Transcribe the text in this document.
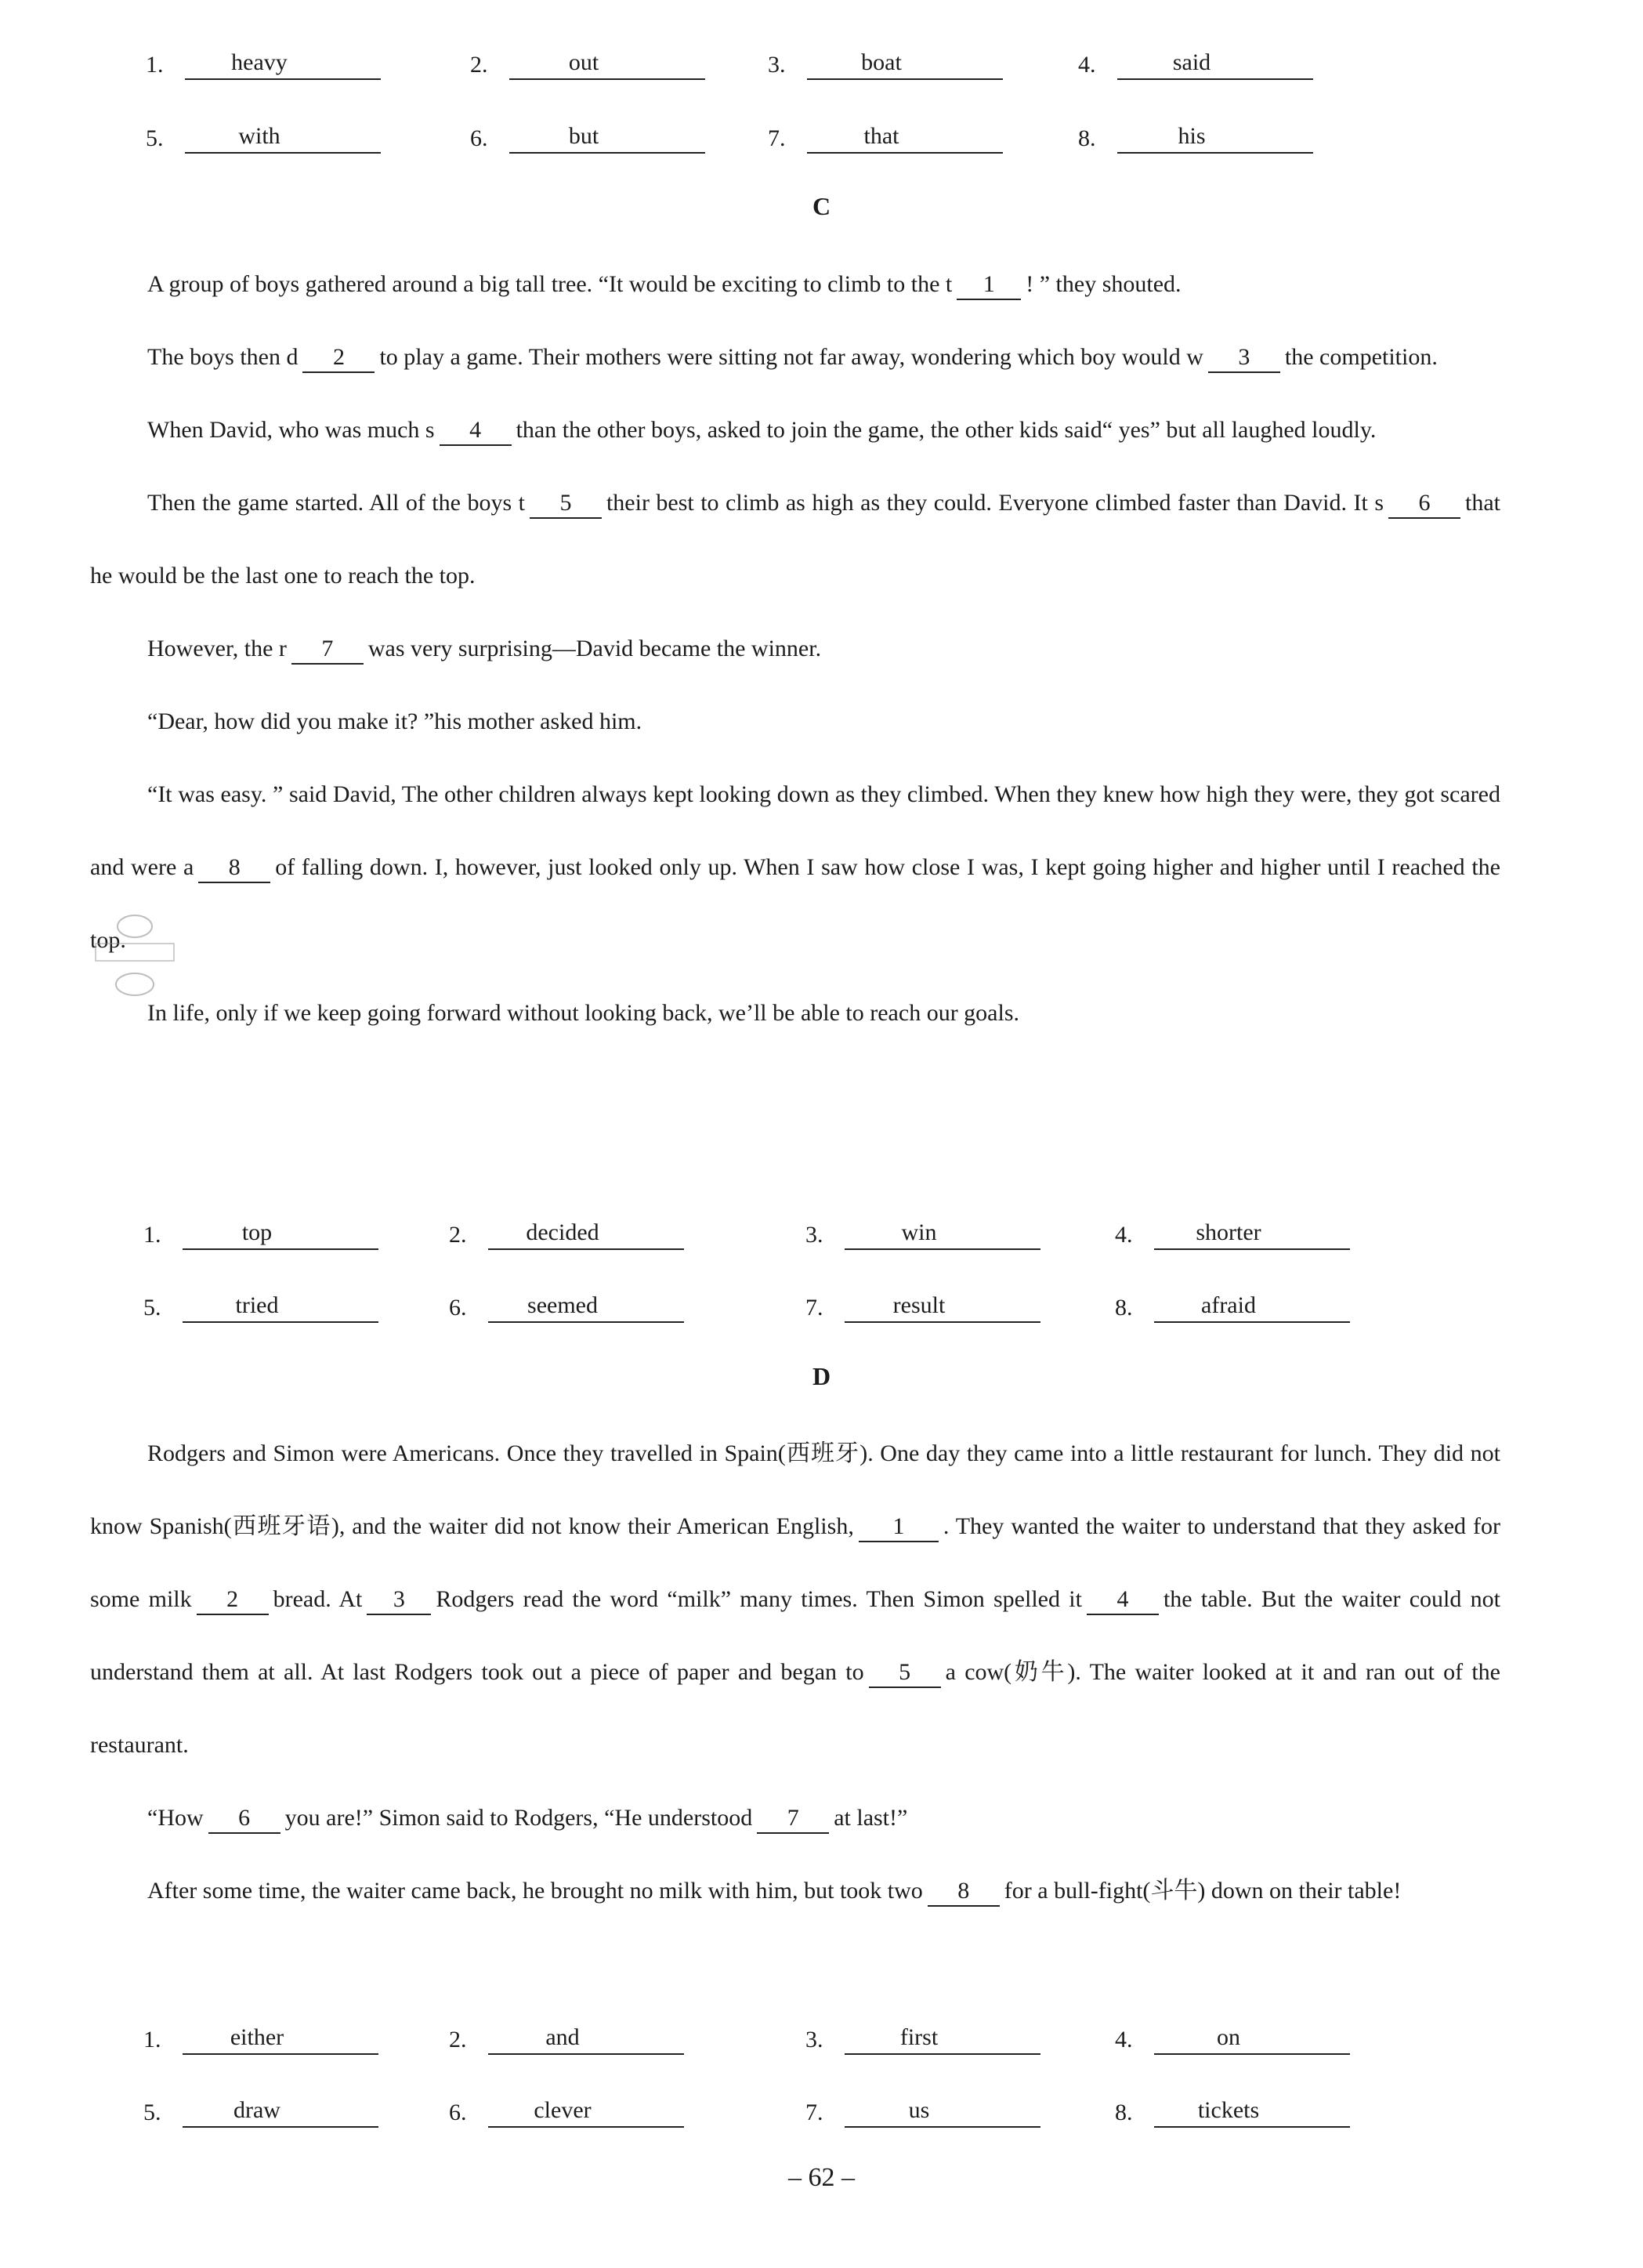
1.	heavy	2.	out	3.	boat	4.	said
5.	with	6.	but	7.	that	8.	his
C

A group of boys gathered around a big tall tree. “It would be exciting to climb to the t 1 ! ” they shouted.

The boys then d 2 to play a game. Their mothers were sitting not far away, wondering which boy would w 3 the competition.

When David, who was much s 4 than the other boys, asked to join the game, the other kids said“ yes” but all laughed loudly.

Then the game started. All of the boys t 5 their best to climb as high as they could. Everyone climbed faster than David. It s 6 that he would be the last one to reach the top.

However, the r 7 was very surprising—David became the winner.

“Dear, how did you make it? ”his mother asked him.

“It was easy. ” said David, The other children always kept looking down as they climbed. When they knew how high they were, they got scared and were a 8 of falling down. I, however, just looked only up. When I saw how close I was, I kept going higher and higher until I reached the top.

In life, only if we keep going forward without looking back, we’ll be able to reach our goals.

1.	top	2.	decided	3.	win	4.	shorter
5.	tried	6.	seemed	7.	result	8.	afraid
D

Rodgers and Simon were Americans. Once they travelled in Spain(西班牙). One day they came into a little restaurant for lunch. They did not know Spanish(西班牙语), and the waiter did not know their American English, 1 . They wanted the waiter to understand that they asked for some milk 2 bread. At 3 Rodgers read the word “milk” many times. Then Simon spelled it 4 the table. But the waiter could not understand them at all. At last Rodgers took out a piece of paper and began to 5 a cow(奶牛). The waiter looked at it and ran out of the restaurant.

“How 6 you are!” Simon said to Rodgers, “He understood 7 at last!”

After some time, the waiter came back, he brought no milk with him, but took two 8 for a bull-fight(斗牛) down on their table!

1.	either	2.	and	3.	first	4.	on
5.	draw	6.	clever	7.	us	8.	tickets
– 62 –
